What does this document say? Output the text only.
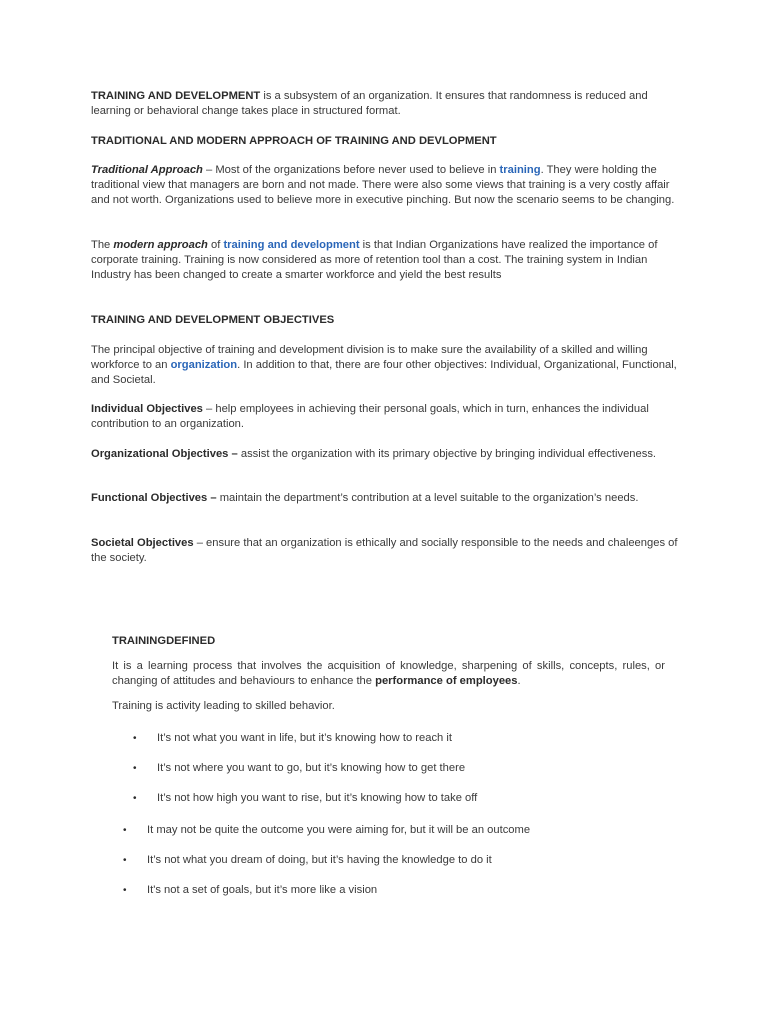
TRAINING AND DEVELOPMENT is a subsystem of an organization. It ensures that randomness is reduced and learning or behavioral change takes place in structured format.

TRADITIONAL AND MODERN APPROACH OF TRAINING AND DEVLOPMENT

Traditional Approach – Most of the organizations before never used to believe in training. They were holding the traditional view that managers are born and not made. There were also some views that training is a very costly affair and not worth. Organizations used to believe more in executive pinching. But now the scenario seems to be changing.

The modern approach of training and development is that Indian Organizations have realized the importance of corporate training. Training is now considered as more of retention tool than a cost. The training system in Indian Industry has been changed to create a smarter workforce and yield the best results

TRAINING AND DEVELOPMENT OBJECTIVES

The principal objective of training and development division is to make sure the availability of a skilled and willing workforce to an organization. In addition to that, there are four other objectives: Individual, Organizational, Functional, and Societal.

Individual Objectives – help employees in achieving their personal goals, which in turn, enhances the individual contribution to an organization.

Organizational Objectives – assist the organization with its primary objective by bringing individual effectiveness.

Functional Objectives – maintain the department’s contribution at a level suitable to the organization’s needs.

Societal Objectives – ensure that an organization is ethically and socially responsible to the needs and chaleenges of the society.

TRAININGDEFINED

It is a learning process that involves the acquisition of knowledge, sharpening of skills, concepts, rules, or changing of attitudes and behaviours to enhance the performance of employees.

Training is activity leading to skilled behavior.

•	It’s not what you want in life, but it’s knowing how to reach it
•	It’s not where you want to go, but it’s knowing how to get there
•	It’s not how high you want to rise, but it’s knowing how to take off
•	It may not be quite the outcome you were aiming for, but it will be an outcome
•	It’s not what you dream of doing, but it’s having the knowledge to do it
•	It's not a set of goals, but it’s more like a vision
